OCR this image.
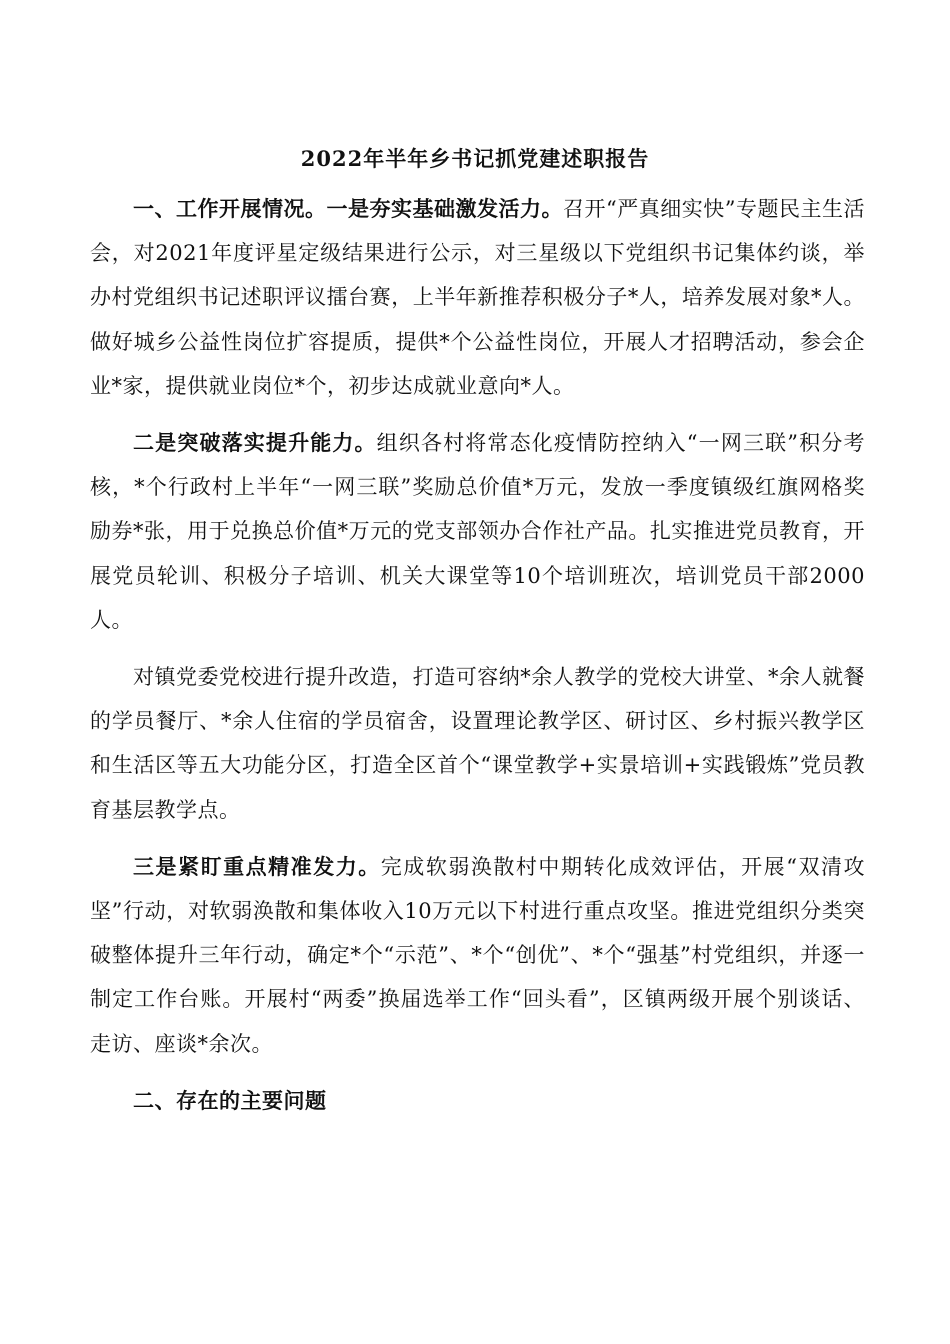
2022年半年乡书记抓党建述职报告

一、工作开展情况。一是夯实基础激发活力。召开“严真细实快”专题民主生活会，对2021年度评星定级结果进行公示，对三星级以下党组织书记集体约谈，举办村党组织书记述职评议擂台赛，上半年新推荐积极分子*人，培养发展对象*人。做好城乡公益性岗位扩容提质，提供*个公益性岗位，开展人才招聘活动，参会企业*家，提供就业岗位*个，初步达成就业意向*人。

二是突破落实提升能力。组织各村将常态化疫情防控纳入“一网三联”积分考核，*个行政村上半年“一网三联”奖励总价值*万元，发放一季度镇级红旗网格奖励券*张，用于兑换总价值*万元的党支部领办合作社产品。扎实推进党员教育，开展党员轮训、积极分子培训、机关大课堂等10个培训班次，培训党员干部2000人。

对镇党委党校进行提升改造，打造可容纳*余人教学的党校大讲堂、*余人就餐的学员餐厅、*余人住宿的学员宿舍，设置理论教学区、研讨区、乡村振兴教学区和生活区等五大功能分区，打造全区首个“课堂教学+实景培训+实践锻炼”党员教育基层教学点。

三是紧盯重点精准发力。完成软弱涣散村中期转化成效评估，开展“双清攻坚”行动，对软弱涣散和集体收入10万元以下村进行重点攻坚。推进党组织分类突破整体提升三年行动，确定*个“示范”、*个“创优”、*个“强基”村党组织，并逐一制定工作台账。开展村“两委”换届选举工作“回头看”，区镇两级开展个别谈话、走访、座谈*余次。

二、存在的主要问题
